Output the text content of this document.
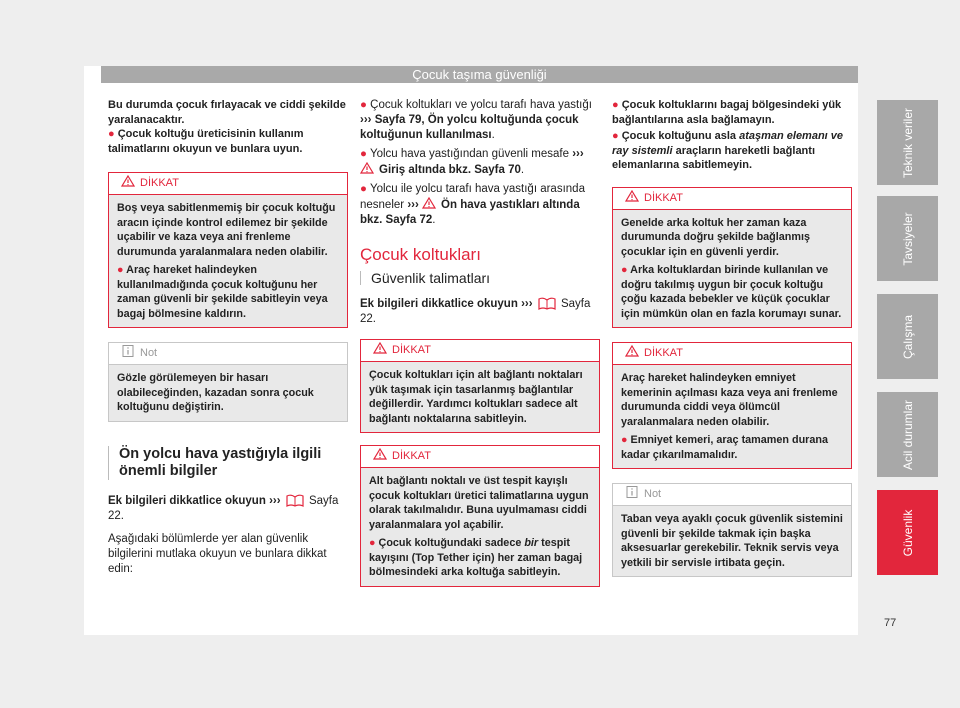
Çocuk taşıma güvenliği
Teknik veriler
Tavsiyeler
Çalışma
Acil durumlar
Güvenlik
77

Bu durumda çocuk fırlayacak ve ciddi şekilde yaralanacaktır.

● Çocuk koltuğu üreticisinin kullanım talimatlarını okuyun ve bunlara uyun.

DİKKAT

Boş veya sabitlenmemiş bir çocuk koltuğu aracın içinde kontrol edilemez bir şekilde uçabilir ve kaza veya ani frenleme durumunda yaralanmalara neden olabilir.

● Araç hareket halindeyken kullanılmadığında çocuk koltuğunu her zaman güvenli bir şekilde sabitleyin veya bagaj bölmesine kaldırın.

Not
Gözle görülemeyen bir hasarı olabileceğinden, kazadan sonra çocuk koltuğunu değiştirin.
Ön yolcu hava yastığıyla ilgili önemli bilgiler

Ek bilgileri dikkatlice okuyun ››› Sayfa 22.

Aşağıdaki bölümlerde yer alan güvenlik bilgilerini mutlaka okuyun ve bunlara dikkat edin:

● Çocuk koltukları ve yolcu tarafı hava yastığı ››› Sayfa 79, Ön yolcu koltuğunda çocuk koltuğunun kullanılması.

● Yolcu hava yastığından güvenli mesafe ››› Giriş altında bkz. Sayfa 70.

● Yolcu ile yolcu tarafı hava yastığı arasında nesneler ››› Ön hava yastıkları altında bkz. Sayfa 72.

Çocuk koltukları
Güvenlik talimatları

Ek bilgileri dikkatlice okuyun ››› Sayfa 22.

DİKKAT
Çocuk koltukları için alt bağlantı noktaları yük taşımak için tasarlanmış bağlantılar değillerdir. Yardımcı koltukları sadece alt bağlantı noktalarına sabitleyin.
DİKKAT

Alt bağlantı noktalı ve üst tespit kayışlı çocuk koltukları üretici talimatlarına uygun olarak takılmalıdır. Buna uyulmaması ciddi yaralanmalara yol açabilir.

● Çocuk koltuğundaki sadece bir tespit kayışını (Top Tether için) her zaman bagaj bölmesindeki arka koltuğa sabitleyin.

● Çocuk koltuklarını bagaj bölgesindeki yük bağlantılarına asla bağlamayın.

● Çocuk koltuğunu asla ataşman elemanı ve ray sistemli araçların hareketli bağlantı elemanlarına sabitlemeyin.

DİKKAT

Genelde arka koltuk her zaman kaza durumunda doğru şekilde bağlanmış çocuklar için en güvenli yerdir.

● Arka koltuklardan birinde kullanılan ve doğru takılmış uygun bir çocuk koltuğu çoğu kazada bebekler ve küçük çocuklar için mümkün olan en fazla korumayı sunar.

DİKKAT

Araç hareket halindeyken emniyet kemerinin açılması kaza veya ani frenleme durumunda ciddi veya ölümcül yaralanmalara neden olabilir.

● Emniyet kemeri, araç tamamen durana kadar çıkarılmamalıdır.

Not
Taban veya ayaklı çocuk güvenlik sistemini güvenli bir şekilde takmak için başka aksesuarlar gerekebilir. Teknik servis veya yetkili bir servisle irtibata geçin.
